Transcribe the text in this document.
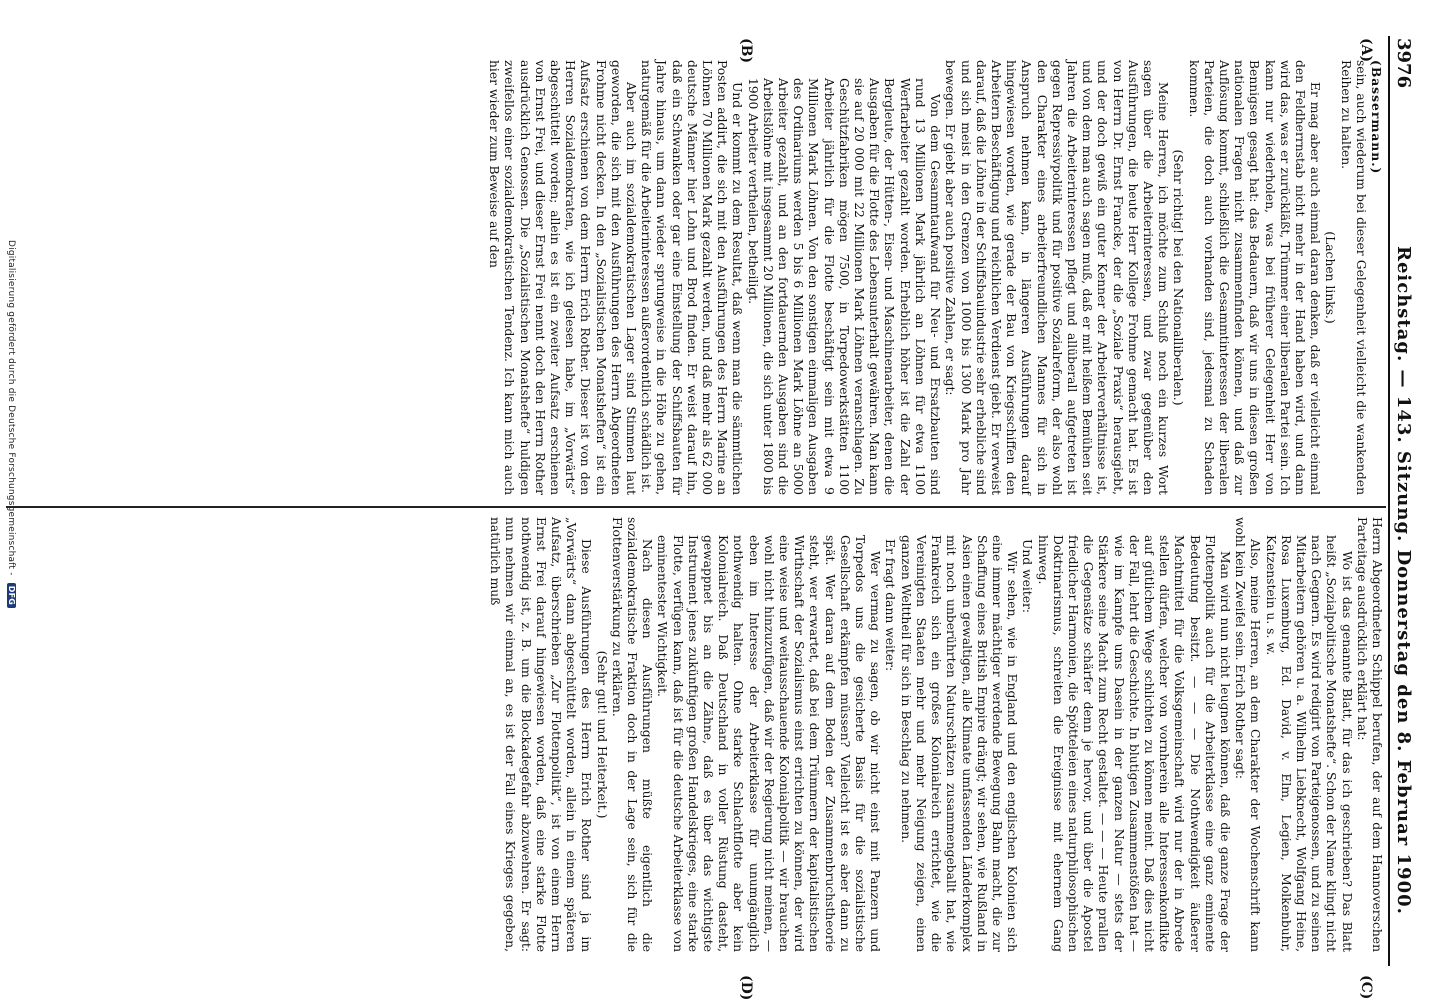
3976
Reichstag. — 143. Sitzung. Donnerstag den 8. Februar 1900.
(A)
(B)
(C)
(D)

(Bassermann.)

sein, auch wiederum bei dieser Gelegenheit vielleicht die wankenden Reihen zu halten.

(Lachen links.)

Er mag aber auch einmal daran denken, daß er vielleicht einmal den Feldherrnstab nicht mehr in der Hand haben wird, und dann wird das, was er zurückläßt, Trümmer einer liberalen Partei sein. Ich kann nur wiederholen, was bei früherer Gelegenheit Herr von Bennigsen gesagt hat: das Bedauern, daß wir uns in diesen großen nationalen Fragen nicht zusammenfinden können, und daß zur Auflösung kommt, schließlich die Gesammtinteressen der liberalen Parteien, die doch auch vorhanden sind, jedesmal zu Schaden kommen.

(Sehr richtig! bei den Nationalliberalen.)

Meine Herren, ich möchte zum Schluß noch ein kurzes Wort sagen über die Arbeiterinteressen, und zwar gegenüber den Ausführungen, die heute Herr Kollege Frohme gemacht hat. Es ist von Herrn Dr. Ernst Francke, der die „Soziale Praxis“ herausgiebt, und der doch gewiß ein guter Kenner der Arbeiterverhältnisse ist, und von dem man auch sagen muß, daß er mit heißem Bemühen seit Jahren die Arbeiterinteressen pflegt und allüberall aufgetreten ist gegen Repressivpolitik und für positive Sozialreform, der also wohl den Charakter eines arbeiterfreundlichen Mannes für sich in Anspruch nehmen kann, in längeren Ausführungen darauf hingewiesen worden, wie gerade der Bau von Kriegsschiffen den Arbeitern Beschäftigung und reichlichen Verdienst giebt. Er verweist darauf, daß die Löhne in der Schiffsbauindustrie sehr erhebliche sind und sich meist in den Grenzen von 1000 bis 1300 Mark pro Jahr bewegen. Er giebt aber auch positive Zahlen, er sagt:

Von dem Gesammtaufwand für Neu- und Ersatzbauten sind rund 13 Millionen Mark jährlich an Löhnen für etwa 1100 Werftarbeiter gezahlt worden. Erheblich höher ist die Zahl der Bergleute, der Hütten-, Eisen- und Maschinenarbeiter, denen die Ausgaben für die Flotte des Lebensunterhalt gewähren. Man kann sie auf 20 000 mit 22 Millionen Mark Löhnen veranschlagen. Zu Geschützfabriken mögen 7500, in Torpedowerkstätten 1100 Arbeiter jährlich für die Flotte beschäftigt sein mit etwa 9 Millionen Mark Löhnen. Von den sonstigen einmaligen Ausgaben des Ordinariums werden 5 bis 6 Millionen Mark Löhne an 5000 Arbeiter gezahlt, und an den fortdauernden Ausgaben sind die Arbeitslöhne mit insgesammt 20 Millionen, die sich unter 1800 bis 1900 Arbeiter vertheilen, betheiligt.

Und er kommt zu dem Resultat, daß wenn man die sämmtlichen Posten addirt, die sich mit den Ausführungen des Herrn Marine an Löhnen 70 Millionen Mark gezahlt werden, und daß mehr als 62 000 deutsche Männer hier Lohn und Brod finden. Er weist darauf hin, daß ein Schwanken oder gar eine Einstellung der Schiffsbauten für Jahre hinaus, um dann wieder sprungweise in die Höhe zu gehen, naturgemäß für die Arbeiterinteressen außerordentlich schädlich ist.

Aber auch im sozialdemokratischen Lager sind Stimmen laut geworden, die sich mit den Ausführungen des Herrn Abgeordneten Frohme nicht decken. In den „Sozialistischen Monatsheften“ ist ein Aufsatz erschienen von dem Herrn Erich Rother. Dieser ist von den Herren Sozialdemokraten, wie ich gelesen habe, im „Vorwärts“ abgeschüttelt worden; allein es ist ein zweiter Aufsatz erschienen von Ernst Frei, und dieser Ernst Frei nennt doch den Herrn Rother ausdrücklich Genossen. Die „Sozialistischen Monatshefte“ huldigen zweifellos einer sozialdemokratischen Tendenz. Ich kann mich auch hier wieder zum Beweise auf den

Herrn Abgeordneten Schippel berufen, der auf dem Hannoverschen Parteitage ausdrücklich erklärt hat:

Wo ist das genannte Blatt, für das ich geschrieben? Das Blatt heißt „Sozialpolitische Monatshefte“. Schon der Name klingt nicht nach Gegnern. Es wird redigirt von Parteigenossen, und zu seinen Mitarbeitern gehören u. a. Wilhelm Liebknecht, Wolfgang Heine, Rosa Luxemburg, Ed. David, v. Elm, Legien, Molkenbuhr, Katzenstein u. s. w.

Also, meine Herren, an dem Charakter der Wochenschrift kann wohl kein Zweifel sein. Erich Rother sagt:

Man wird nun nicht leugnen können, daß die ganze Frage der Flottenpolitik auch für die Arbeiterklasse eine ganz eminente Bedeutung besitzt. — — — Die Nothwendigkeit äußerer Machtmittel für die Volksgemeinschaft wird nur der in Abrede stellen dürfen, welcher von vornherein alle Interessenkonflikte auf gütlichem Wege schlichten zu können meint. Daß dies nicht der Fall, lehrt die Geschichte. In blutigen Zusammenstößen hat — wie im Kampfe ums Dasein in der ganzen Natur — stets der Stärkere seine Macht zum Recht gestaltet. — — — Heute prallen die Gegensätze schärfer denn je hervor, und über die Apostel friedlicher Harmonien, die Spötteleien eines naturphilosophischen Doktrinarismus, schreiten die Ereignisse mit ehernem Gang hinweg.

Und weiter:

Wir sehen, wie in England und den englischen Kolonien sich eine immer mächtiger werdende Bewegung Bahn macht, die zur Schaffung eines British Empire drängt; wir sehen, wie Rußland in Asien einen gewaltigen, alle Klimate umfassenden Länderkomplex mit noch unberührten Naturschätzen zusammengeballt hat, wie Frankreich sich ein großes Kolonialreich errichtet, wie die Vereinigten Staaten mehr und mehr Neigung zeigen, einen ganzen Welttheil für sich in Beschlag zu nehmen.

Er fragt dann weiter:

Wer vermag zu sagen, ob wir nicht einst mit Panzern und Torpedos uns die gesicherte Basis für die sozialistische Gesellschaft erkämpfen müssen? Vielleicht ist es aber dann zu spät. Wer daran auf dem Boden der Zusammenbruchstheorie steht, wer erwartet, daß bei dem Trümmern der kapitalistischen Wirthschaft der Sozialismus einst errichten zu können, der wird eine weise und weitausschauende Kolonialpolitik — wir brauchen wohl nicht hinzuzufügen, daß wir der Regierung nicht meinen, — eben im Interesse der Arbeiterklasse für unumgänglich nothwendig halten. Ohne starke Schlachtflotte aber kein Kolonialreich. Daß Deutschland in voller Rüstung dasteht, gewappnet bis an die Zähne, daß es über das wichtigste Instrument jenes zukünftigen großen Handelskrieges, eine starke Flotte, verfügen kann, daß ist für die deutsche Arbeiterklasse von eminentester Wichtigkeit.

Nach diesen Ausführungen müßte eigentlich die sozialdemokratische Fraktion doch in der Lage sein, sich für die Flottenverstärkung zu erklären.

(Sehr gut! und Heiterkeit.)

Diese Ausführungen des Herrn Erich Rother sind ja im „Vorwärts“ dann abgeschüttelt worden, allein in einem späteren Aufsatz, überschrieben „Zur Flottenpolitik“, ist von einem Herrn Ernst Frei darauf hingewiesen worden, daß eine starke Flotte nothwendig ist, z. B. um die Blockadegefahr abzuwehren. Er sagt: nun nehmen wir einmal an, es ist der Fall eines Krieges gegeben, natürlich muß

Digitalisierung gefördert durch die Deutsche Forschungsgemeinschaft - DFG
